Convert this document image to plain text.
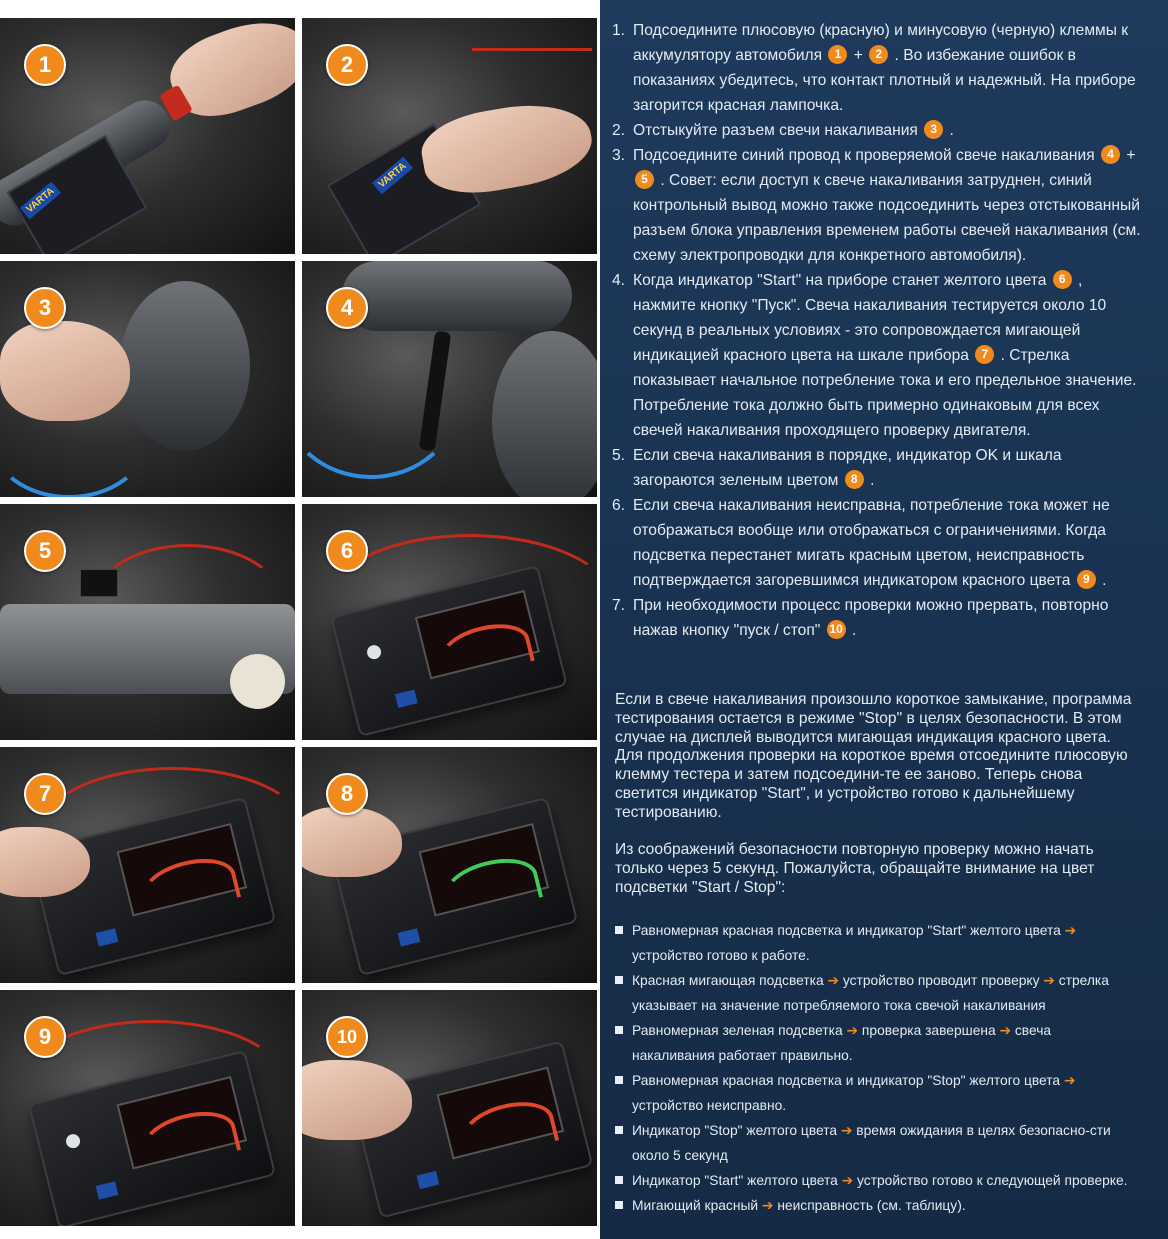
VARTA
1
VARTA
2
3	4
5	6
7	8
9	10
1. Подсоедините плюсовую (красную) и минусовую (черную) клеммы к аккумулятору автомобиля 1 + 2 . Во избежание ошибок в показаниях убедитесь, что контакт плотный и надежный. На приборе загорится красная лампочка.
2. Отстыкуйте разъем свечи накаливания 3 .
3. Подсоедините синий провод к проверяемой свече накаливания 4 + 5 . Совет: если доступ к свече накаливания затруднен, синий контрольный вывод можно также подсоединить через отстыкованный разъем блока управления временем работы свечей накаливания (см. схему электропроводки для конкретного автомобиля).
4. Когда индикатор "Start" на приборе станет желтого цвета 6 , нажмите кнопку "Пуск". Свеча накаливания тестируется около 10 секунд в реальных условиях - это сопровождается мигающей индикацией красного цвета на шкале прибора 7 . Стрелка показывает начальное потребление тока и его предельное значение. Потребление тока должно быть примерно одинаковым для всех свечей накаливания проходящего проверку двигателя.
5. Если свеча накаливания в порядке, индикатор OK и шкала загораются зеленым цветом 8 .
6. Если свеча накаливания неисправна, потребление тока может не отображаться вообще или отображаться с ограничениями. Когда подсветка перестанет мигать красным цветом, неисправность подтверждается загоревшимся индикатором красного цвета 9 .
7. При необходимости процесс проверки можно прервать, повторно нажав кнопку "пуск / стоп" 10 .

Если в свече накаливания произошло короткое замыкание, программа тестирования остается в режиме "Stop" в целях безопасности. В этом случае на дисплей выводится мигающая индикация красного цвета. Для продолжения проверки на короткое время отсоедините плюсовую клемму тестера и затем подсоедини-те ее заново. Теперь снова светится индикатор "Start", и устройство готово к дальнейшему тестированию.

Из соображений безопасности повторную проверку можно начать только через 5 секунд. Пожалуйста, обращайте внимание на цвет подсветки "Start / Stop":

Равномерная красная подсветка и индикатор "Start" желтого цвета ➔ устройство готово к работе.
Красная мигающая подсветка ➔ устройство проводит проверку ➔ стрелка указывает на значение потребляемого тока свечой накаливания
Равномерная зеленая подсветка ➔ проверка завершена ➔ свеча накаливания работает правильно.
Равномерная красная подсветка и индикатор "Stop" желтого цвета ➔ устройство неисправно.
Индикатор "Stop" желтого цвета ➔ время ожидания в целях безопасно-сти около 5 секунд
Индикатор "Start" желтого цвета ➔ устройство готово к следующей проверке.
Мигающий красный ➔ неисправность (см. таблицу).
